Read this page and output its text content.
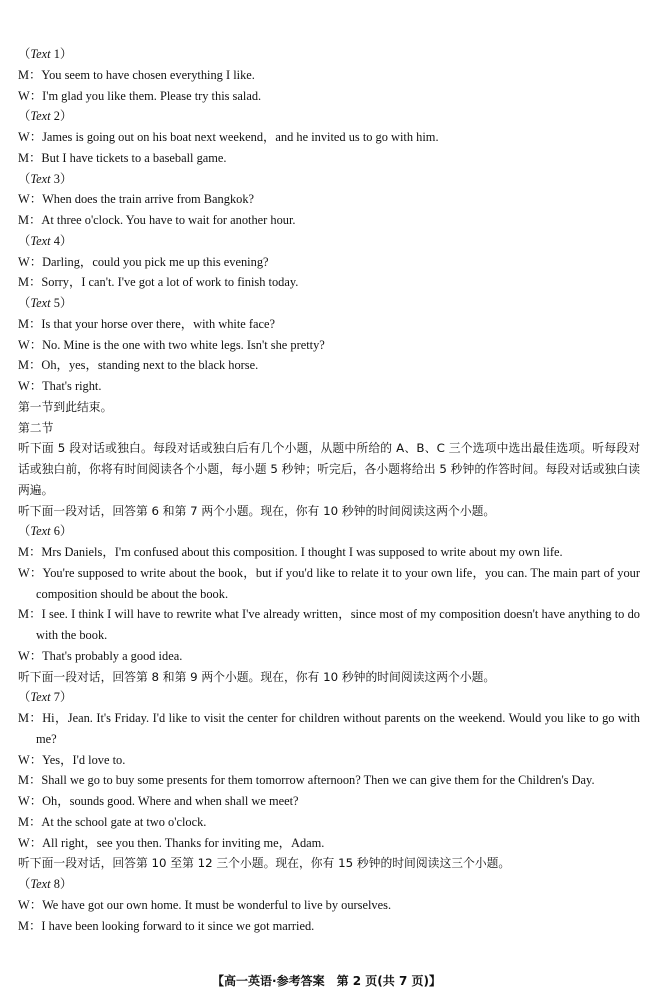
（Text 1）
M：You seem to have chosen everything I like.
W：I'm glad you like them. Please try this salad.
（Text 2）
W：James is going out on his boat next weekend，and he invited us to go with him.
M：But I have tickets to a baseball game.
（Text 3）
W：When does the train arrive from Bangkok?
M：At three o'clock. You have to wait for another hour.
（Text 4）
W：Darling，could you pick me up this evening?
M：Sorry，I can't. I've got a lot of work to finish today.
（Text 5）
M：Is that your horse over there，with white face?
W：No. Mine is the one with two white legs. Isn't she pretty?
M：Oh，yes，standing next to the black horse.
W：That's right.
第一节到此结束。
第二节
听下面 5 段对话或独白。每段对话或独白后有几个小题，从题中所给的 A、B、C 三个选项中选出最佳选项。听每段对话或独白前，你将有时间阅读各个小题，每小题 5 秒钟；听完后，各小题将给出 5 秒钟的作答时间。每段对话或独白读两遍。
听下面一段对话，回答第 6 和第 7 两个小题。现在，你有 10 秒钟的时间阅读这两个小题。
（Text 6）
M：Mrs Daniels，I'm confused about this composition. I thought I was supposed to write about my own life.
W：You're supposed to write about the book，but if you'd like to relate it to your own life，you can. The main part of your composition should be about the book.
M：I see. I think I will have to rewrite what I've already written，since most of my composition doesn't have anything to do with the book.
W：That's probably a good idea.
听下面一段对话，回答第 8 和第 9 两个小题。现在，你有 10 秒钟的时间阅读这两个小题。
（Text 7）
M：Hi，Jean. It's Friday. I'd like to visit the center for children without parents on the weekend. Would you like to go with me?
W：Yes，I'd love to.
M：Shall we go to buy some presents for them tomorrow afternoon? Then we can give them for the Children's Day.
W：Oh，sounds good. Where and when shall we meet?
M：At the school gate at two o'clock.
W：All right，see you then. Thanks for inviting me，Adam.
听下面一段对话，回答第 10 至第 12 三个小题。现在，你有 15 秒钟的时间阅读这三个小题。
（Text 8）
W：We have got our own home. It must be wonderful to live by ourselves.
M：I have been looking forward to it since we got married.
【高一英语·参考答案　第 2 页(共 7 页)】
